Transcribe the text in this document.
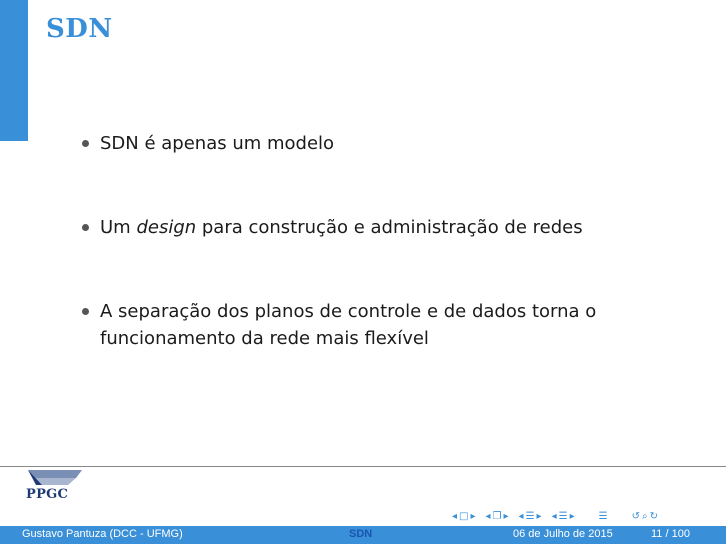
SDN
SDN é apenas um modelo
Um design para construção e administração de redes
A separação dos planos de controle e de dados torna o funcionamento da rede mais flexível
PPGC
◂ □ ▸ ◂ ❐ ▸ ◂ ☰ ▸ ◂ ☰ ▸ ☰ ↺ ⌕ ↻
Gustavo Pantuza (DCC - UFMG)	SDN	06 de Julho de 2015	11 / 100
